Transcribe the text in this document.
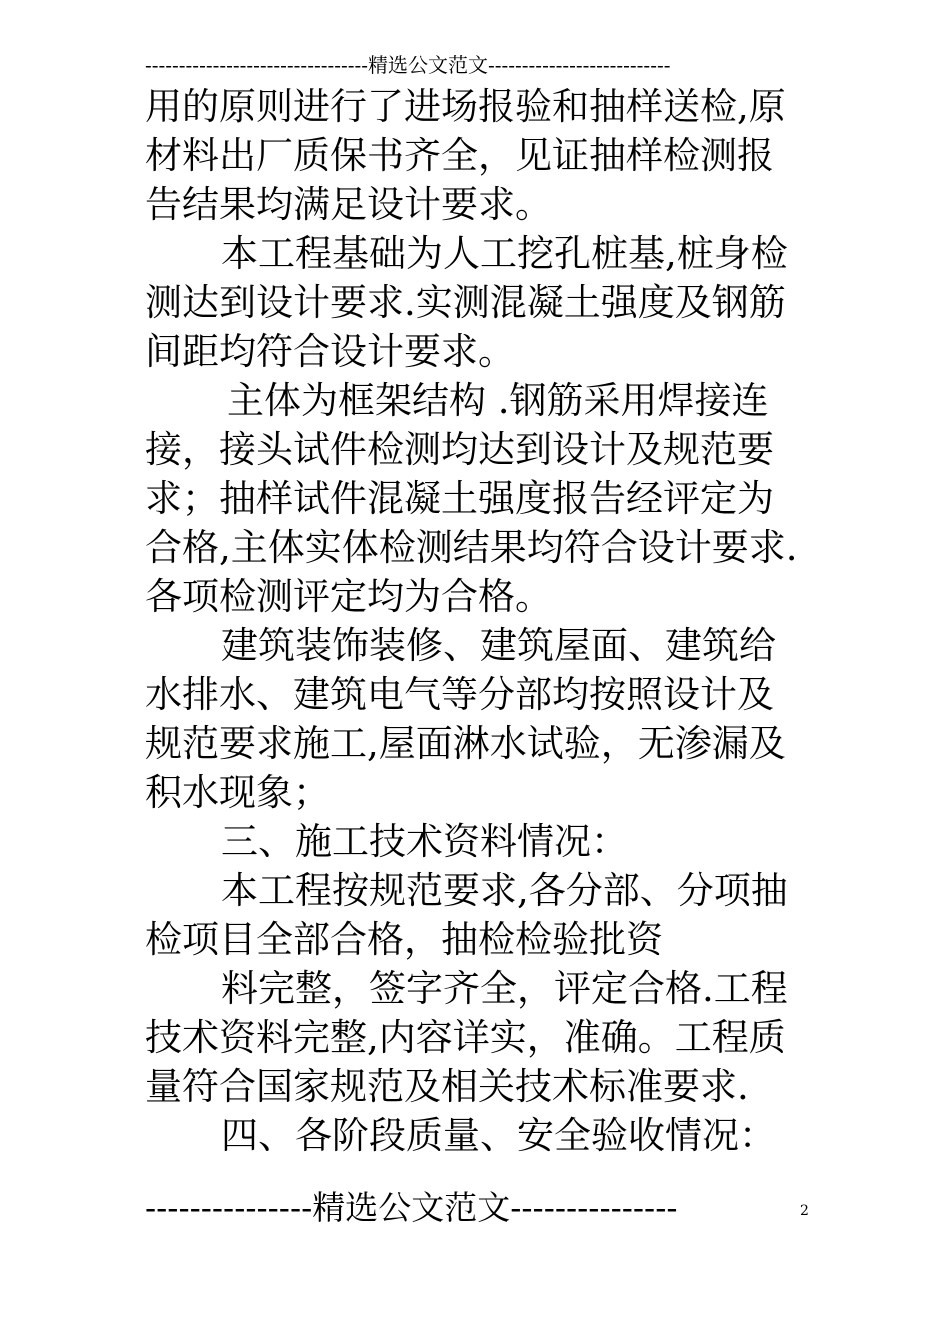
---------------------------------精选公文范文---------------------------
用的原则进行了进场报验和抽样送检,原
材料出厂质保书齐全，见证抽样检测报
告结果均满足设计要求。
本工程基础为人工挖孔桩基,桩身检
测达到设计要求.实测混凝土强度及钢筋
间距均符合设计要求。
主体为框架结构 .钢筋采用焊接连
接，接头试件检测均达到设计及规范要
求；抽样试件混凝土强度报告经评定为
合格,主体实体检测结果均符合设计要求.
各项检测评定均为合格。
建筑装饰装修、建筑屋面、建筑给
水排水、建筑电气等分部均按照设计及
规范要求施工,屋面淋水试验，无渗漏及
积水现象；
三、施工技术资料情况：
本工程按规范要求,各分部、分项抽
检项目全部合格，抽检检验批资
料完整，签字齐全，评定合格.工程
技术资料完整,内容详实，准确。工程质
量符合国家规范及相关技术标准要求.
四、各阶段质量、安全验收情况：
---------------精选公文范文---------------	2
